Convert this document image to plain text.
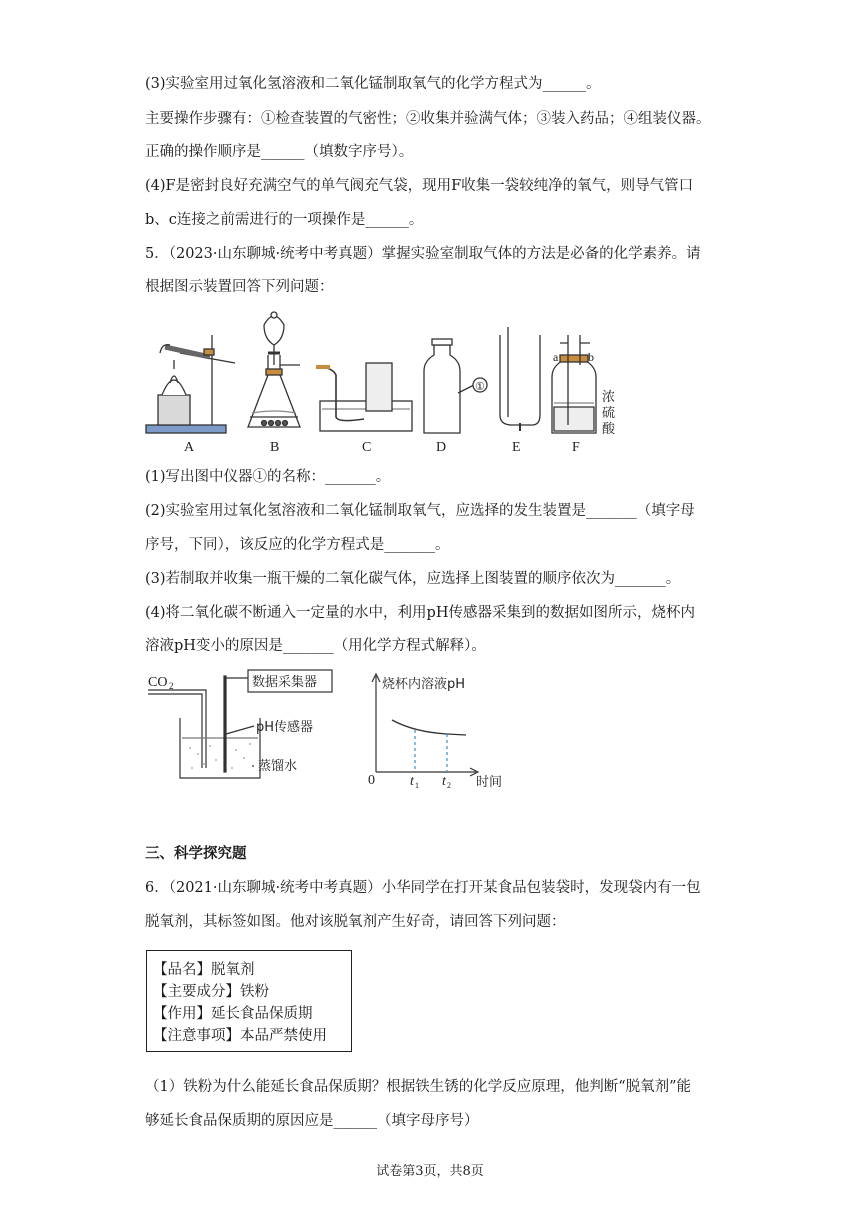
(3)实验室用过氧化氢溶液和二氧化锰制取氧气的化学方程式为______。
主要操作步骤有：①检查装置的气密性；②收集并验满气体；③装入药品；④组装仪器。
正确的操作顺序是______（填数字序号）。
(4)F是密封良好充满空气的单气阀充气袋，现用F收集一袋较纯净的氧气，则导气管口
b、c连接之前需进行的一项操作是______。
5．（2023·山东聊城·统考中考真题）掌握实验室制取气体的方法是必备的化学素养。请
根据图示装置回答下列问题：
A	B	C	D	E	F
①
a b
浓
硫
酸
(1)写出图中仪器①的名称：_______。
(2)实验室用过氧化氢溶液和二氧化锰制取氧气，应选择的发生装置是_______（填字母
序号，下同），该反应的化学方程式是_______。
(3)若制取并收集一瓶干燥的二氧化碳气体，应选择上图装置的顺序依次为_______。
(4)将二氧化碳不断通入一定量的水中，利用pH传感器采集到的数据如图所示，烧杯内
溶液pH变小的原因是_______（用化学方程式解释）。
CO 2	数据采集器
pH传感器
蒸馏水
烧杯内溶液pH
0	t 1 t 2 时间
三、科学探究题
6．（2021·山东聊城·统考中考真题）小华同学在打开某食品包装袋时，发现袋内有一包
脱氧剂，其标签如图。他对该脱氧剂产生好奇，请回答下列问题：
【品名】脱氧剂
【主要成分】铁粉
【作用】延长食品保质期
【注意事项】本品严禁使用
（1）铁粉为什么能延长食品保质期？根据铁生锈的化学反应原理，他判断“脱氧剂”能
够延长食品保质期的原因应是______（填字母序号）
试卷第3页，共8页
